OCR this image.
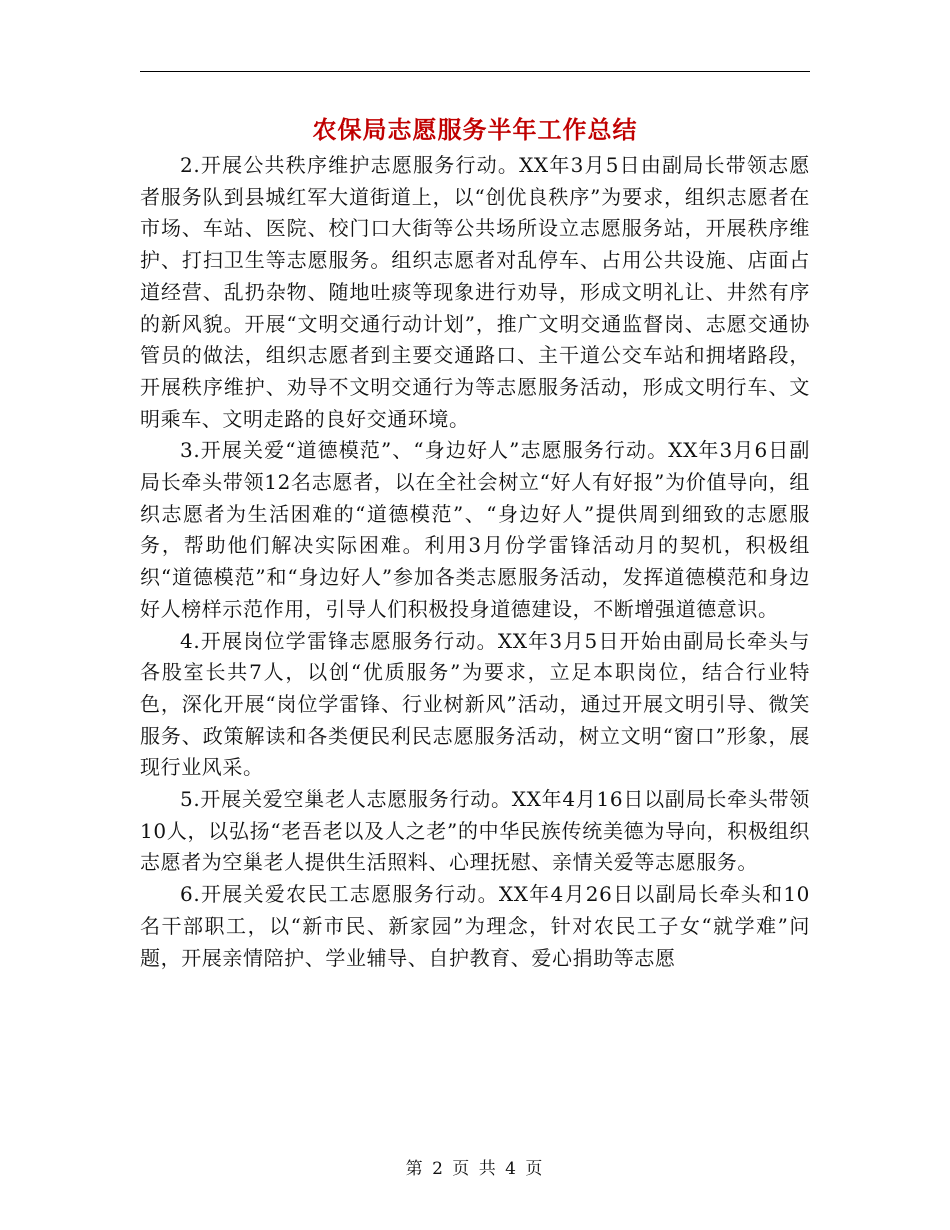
农保局志愿服务半年工作总结

2.开展公共秩序维护志愿服务行动。XX年3月5日由副局长带领志愿者服务队到县城红军大道街道上，以“创优良秩序”为要求，组织志愿者在市场、车站、医院、校门口大街等公共场所设立志愿服务站，开展秩序维护、打扫卫生等志愿服务。组织志愿者对乱停车、占用公共设施、店面占道经营、乱扔杂物、随地吐痰等现象进行劝导，形成文明礼让、井然有序的新风貌。开展“文明交通行动计划”，推广文明交通监督岗、志愿交通协管员的做法，组织志愿者到主要交通路口、主干道公交车站和拥堵路段，开展秩序维护、劝导不文明交通行为等志愿服务活动，形成文明行车、文明乘车、文明走路的良好交通环境。

3.开展关爱“道德模范”、“身边好人”志愿服务行动。XX年3月6日副局长牵头带领12名志愿者，以在全社会树立“好人有好报”为价值导向，组织志愿者为生活困难的“道德模范”、“身边好人”提供周到细致的志愿服务，帮助他们解决实际困难。利用3月份学雷锋活动月的契机，积极组织“道德模范”和“身边好人”参加各类志愿服务活动，发挥道德模范和身边好人榜样示范作用，引导人们积极投身道德建设，不断增强道德意识。

4.开展岗位学雷锋志愿服务行动。XX年3月5日开始由副局长牵头与各股室长共7人，以创“优质服务”为要求，立足本职岗位，结合行业特色，深化开展“岗位学雷锋、行业树新风”活动，通过开展文明引导、微笑服务、政策解读和各类便民利民志愿服务活动，树立文明“窗口”形象，展现行业风采。

5.开展关爱空巢老人志愿服务行动。XX年4月16日以副局长牵头带领10人，以弘扬“老吾老以及人之老”的中华民族传统美德为导向，积极组织志愿者为空巢老人提供生活照料、心理抚慰、亲情关爱等志愿服务。

6.开展关爱农民工志愿服务行动。XX年4月26日以副局长牵头和10名干部职工，以“新市民、新家园”为理念，针对农民工子女“就学难”问题，开展亲情陪护、学业辅导、自护教育、爱心捐助等志愿

第 2 页 共 4 页
